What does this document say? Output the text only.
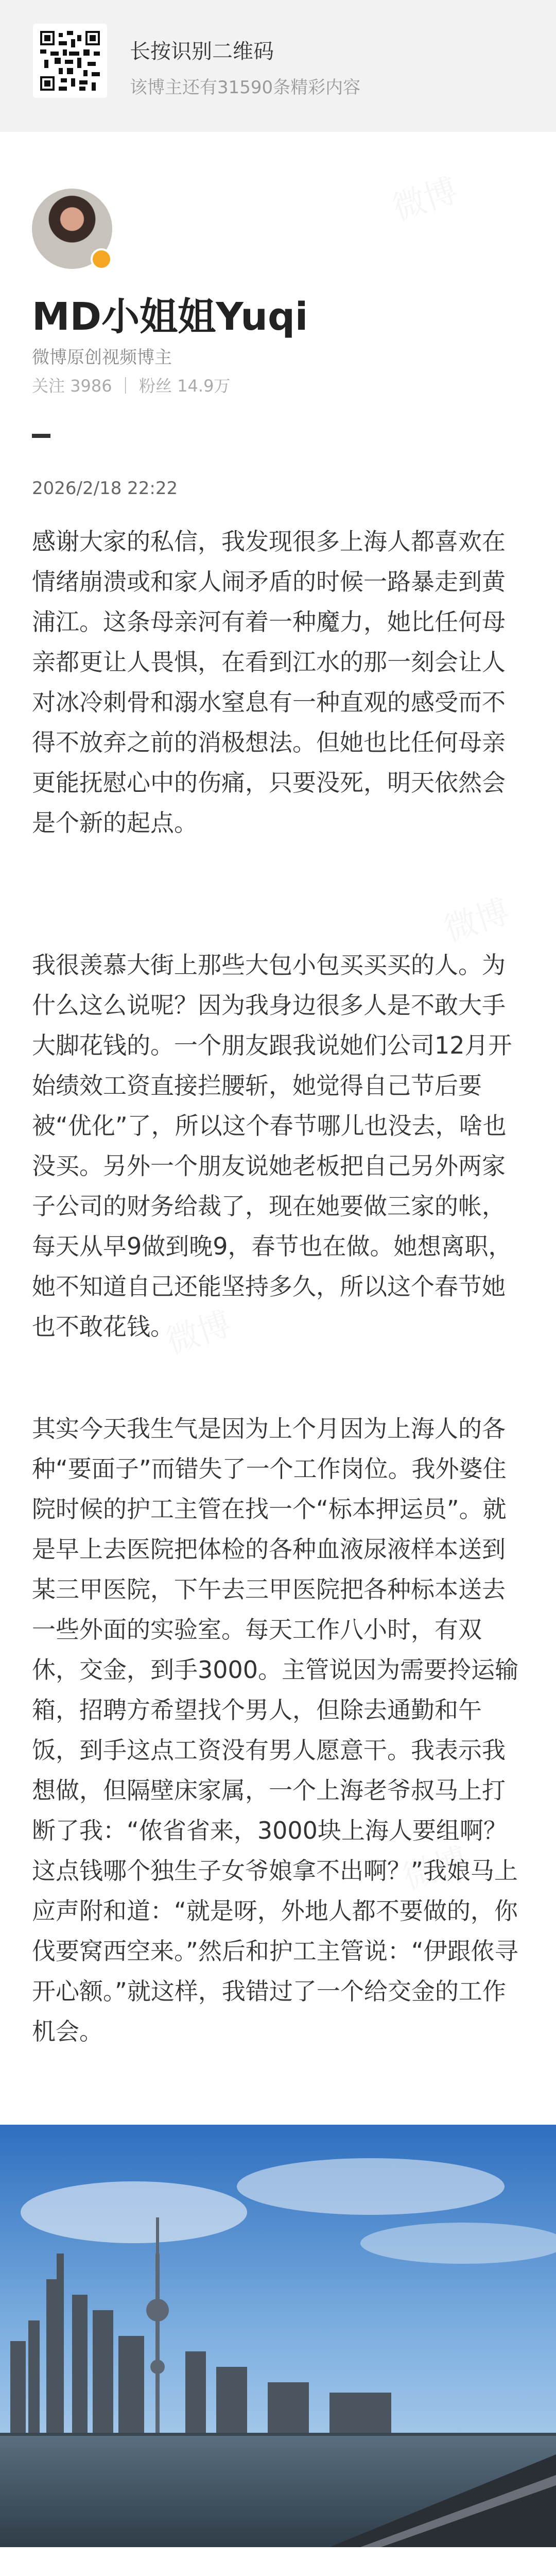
长按识别二维码
该博主还有31590条精彩内容
MD小姐姐Yuqi
微博原创视频博主
关注 3986 ｜ 粉丝 14.9万
2026/2/18 22:22
感谢大家的私信，我发现很多上海人都喜欢在情绪崩溃或和家人闹矛盾的时候一路暴走到黄浦江。这条母亲河有着一种魔力，她比任何母亲都更让人畏惧，在看到江水的那一刻会让人对冰冷刺骨和溺水窒息有一种直观的感受而不得不放弃之前的消极想法。但她也比任何母亲更能抚慰心中的伤痛，只要没死，明天依然会是个新的起点。
我很羡慕大街上那些大包小包买买买的人。为什么这么说呢？因为我身边很多人是不敢大手大脚花钱的。一个朋友跟我说她们公司12月开始绩效工资直接拦腰斩，她觉得自己节后要被“优化”了，所以这个春节哪儿也没去，啥也没买。另外一个朋友说她老板把自己另外两家子公司的财务给裁了，现在她要做三家的帐，每天从早9做到晚9，春节也在做。她想离职，她不知道自己还能坚持多久，所以这个春节她也不敢花钱。
其实今天我生气是因为上个月因为上海人的各种“要面子”而错失了一个工作岗位。我外婆住院时候的护工主管在找一个“标本押运员”。就是早上去医院把体检的各种血液尿液样本送到某三甲医院，下午去三甲医院把各种标本送去一些外面的实验室。每天工作八小时，有双休，交金，到手3000。主管说因为需要拎运输箱，招聘方希望找个男人，但除去通勤和午饭，到手这点工资没有男人愿意干。我表示我想做，但隔壁床家属，一个上海老爷叔马上打断了我：“侬省省来，3000块上海人要组啊？这点钱哪个独生子女爷娘拿不出啊？”我娘马上应声附和道：“就是呀，外地人都不要做的，你伐要窝西空来。”然后和护工主管说：“伊跟侬寻开心额。”就这样，我错过了一个给交金的工作机会。
